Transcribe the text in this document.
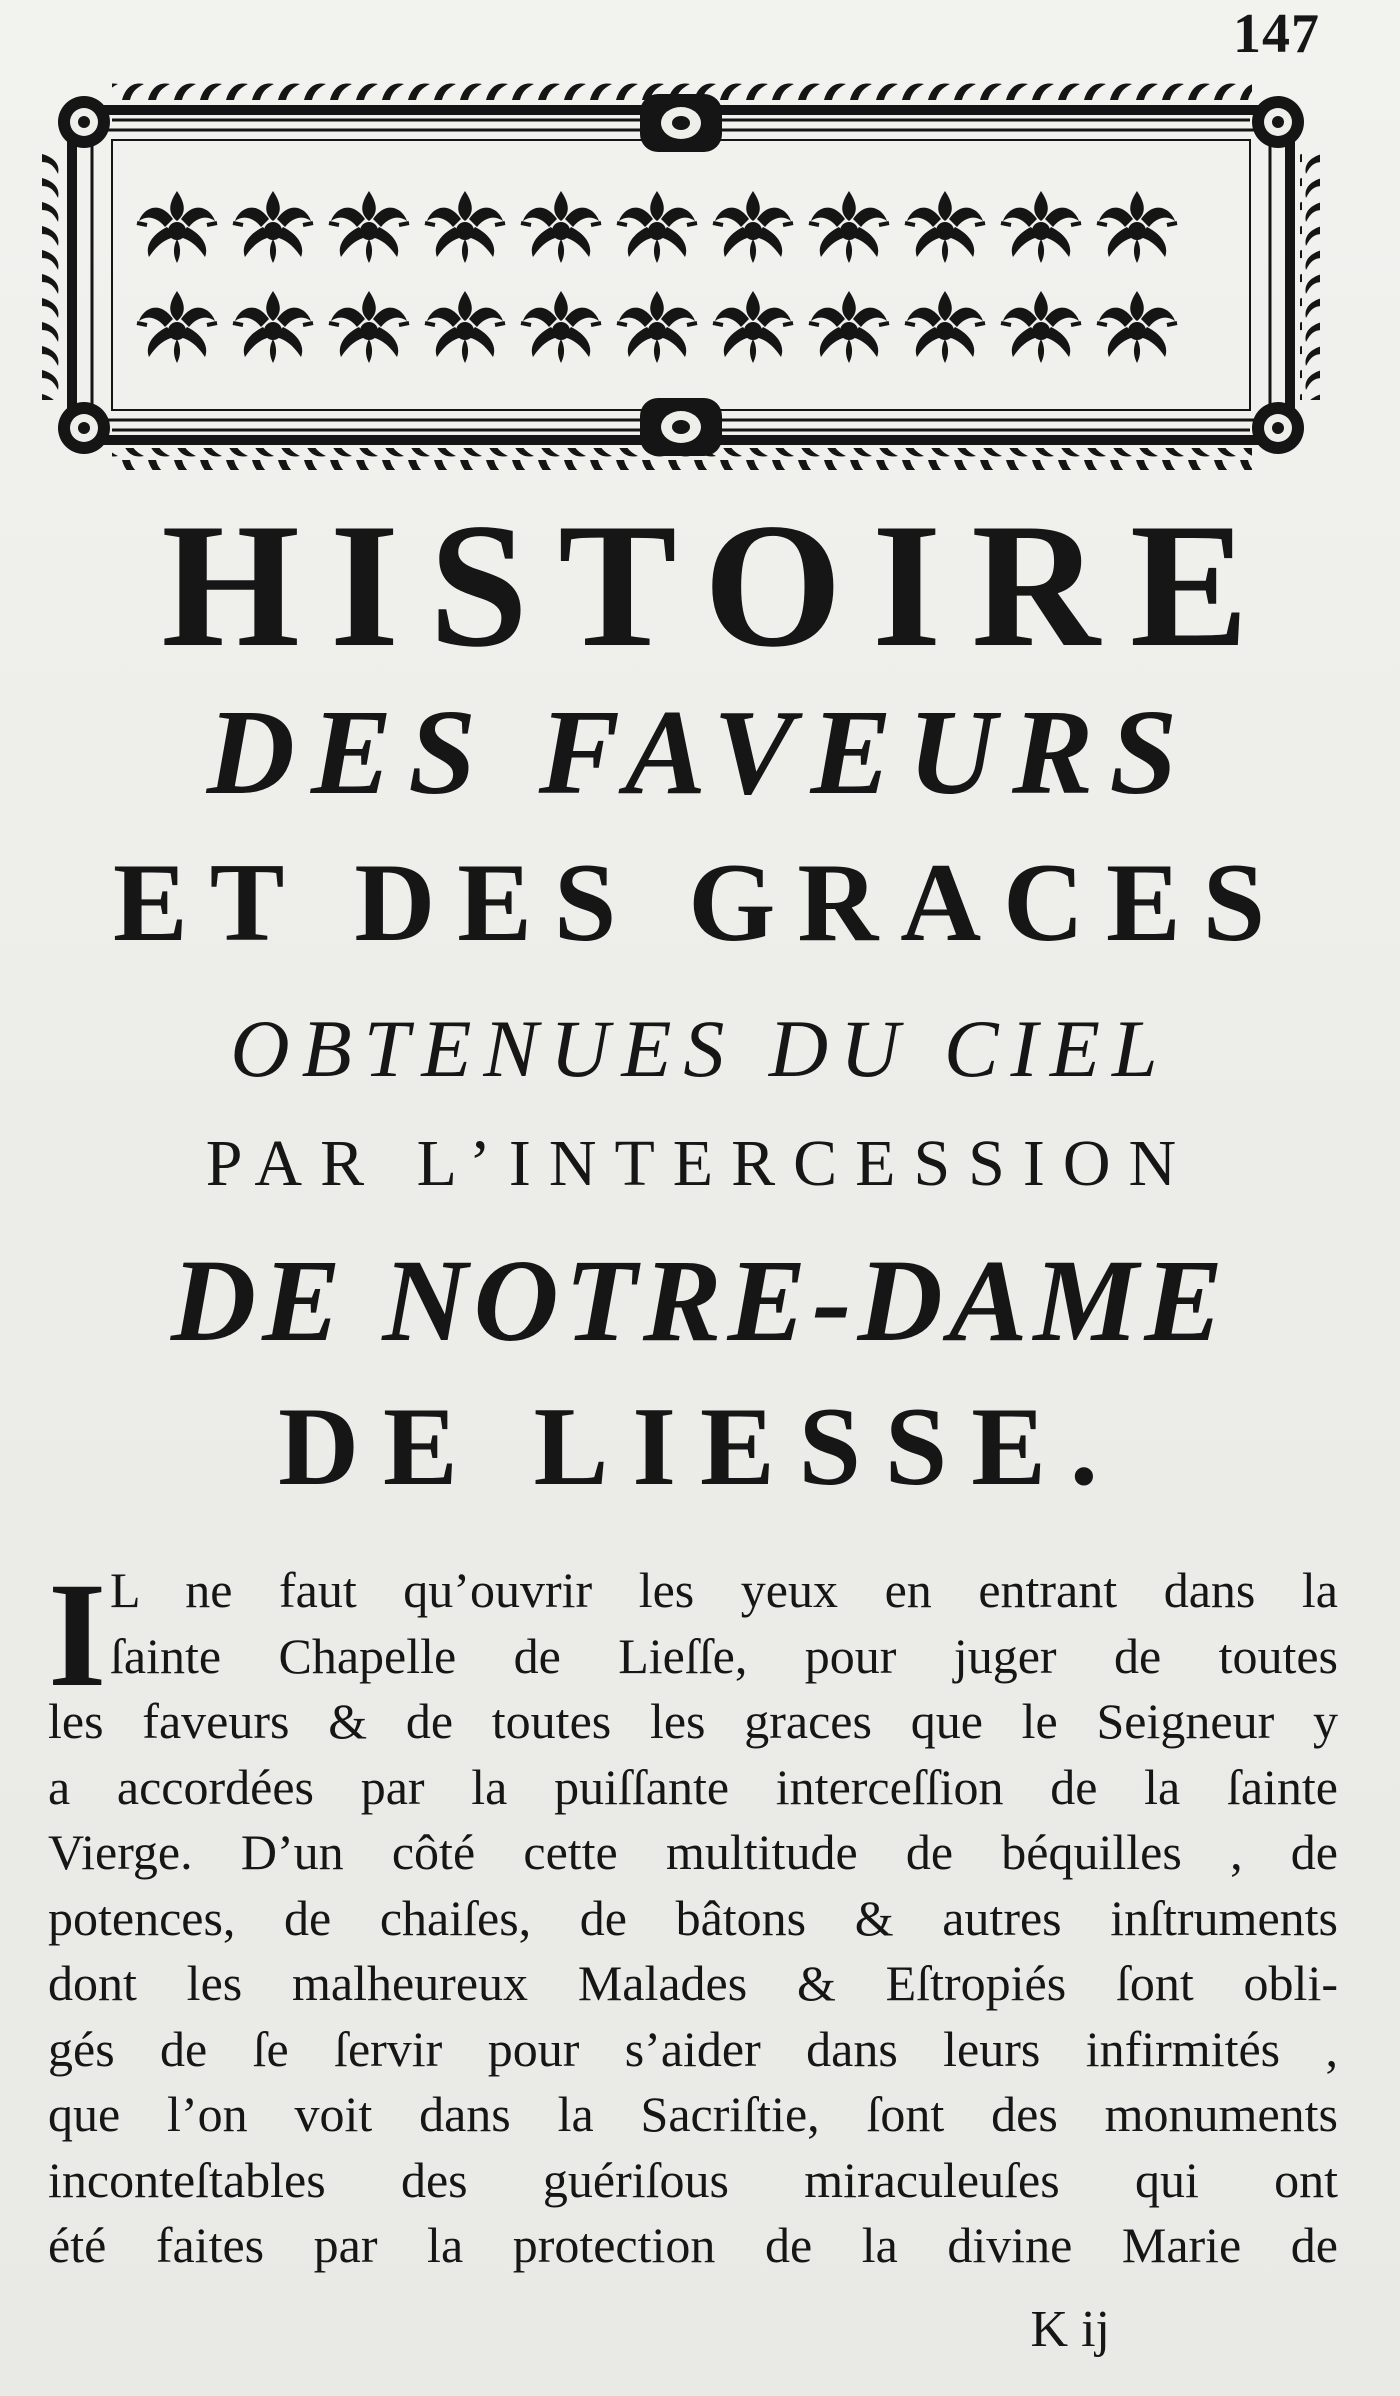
147
HISTOIRE
DES FAVEURS
ET DES GRACES
OBTENUES DU CIEL
PAR L’INTERCESSION
DE NOTRE-DAME
DE LIESSE.
I L ne faut qu’ouvrir les yeux en entrant dans la
ſainte Chapelle de Lieſſe, pour juger de toutes
les faveurs & de toutes les graces que le Seigneur y
a accordées par la puiſſante interceſſion de la ſainte
Vierge. D’un côté cette multitude de béquilles , de
potences, de chaiſes, de bâtons & autres inſtruments
dont les malheureux Malades & Eſtropiés ſont obli-
gés de ſe ſervir pour s’aider dans leurs infirmités ,
que l’on voit dans la Sacriſtie, ſont des monuments
inconteſtables des guériſous miraculeuſes qui ont
été faites par la protection de la divine Marie de
K ij
